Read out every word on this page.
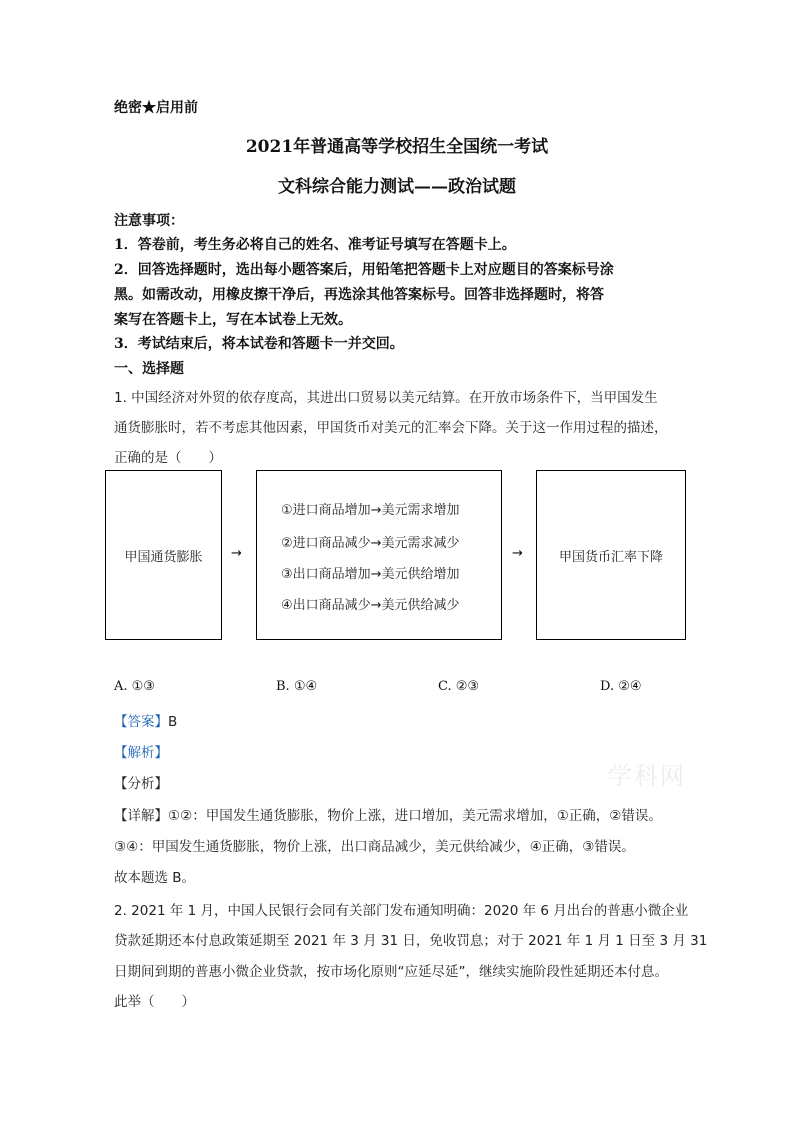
绝密★启用前
2021年普通高等学校招生全国统一考试
文科综合能力测试——政治试题
注意事项：
1．答卷前，考生务必将自己的姓名、准考证号填写在答题卡上。
2．回答选择题时，选出每小题答案后，用铅笔把答题卡上对应题目的答案标号涂
黑。如需改动，用橡皮擦干净后，再选涂其他答案标号。回答非选择题时，将答
案写在答题卡上，写在本试卷上无效。
3．考试结束后，将本试卷和答题卡一并交回。
一、选择题
1. 中国经济对外贸的依存度高，其进出口贸易以美元结算。在开放市场条件下，当甲国发生
通货膨胀时，若不考虑其他因素，甲国货币对美元的汇率会下降。关于这一作用过程的描述，
正确的是（　　）
甲国通货膨胀 →
①进口商品增加→美元需求增加
②进口商品减少→美元需求减少
③出口商品增加→美元供给增加
④出口商品减少→美元供给减少
→	甲国货币汇率下降
A. ①③	B. ①④	C. ②③	D. ②④
【答案】B
【解析】
【分析】
【详解】①②：甲国发生通货膨胀，物价上涨，进口增加，美元需求增加，①正确，②错误。
③④：甲国发生通货膨胀，物价上涨，出口商品减少，美元供给减少，④正确，③错误。
故本题选 B。
2. 2021 年 1 月，中国人民银行会同有关部门发布通知明确：2020 年 6 月出台的普惠小微企业
贷款延期还本付息政策延期至 2021 年 3 月 31 日，免收罚息；对于 2021 年 1 月 1 日至 3 月 31
日期间到期的普惠小微企业贷款，按市场化原则“应延尽延”，继续实施阶段性延期还本付息。
此举（　　）
学科网
